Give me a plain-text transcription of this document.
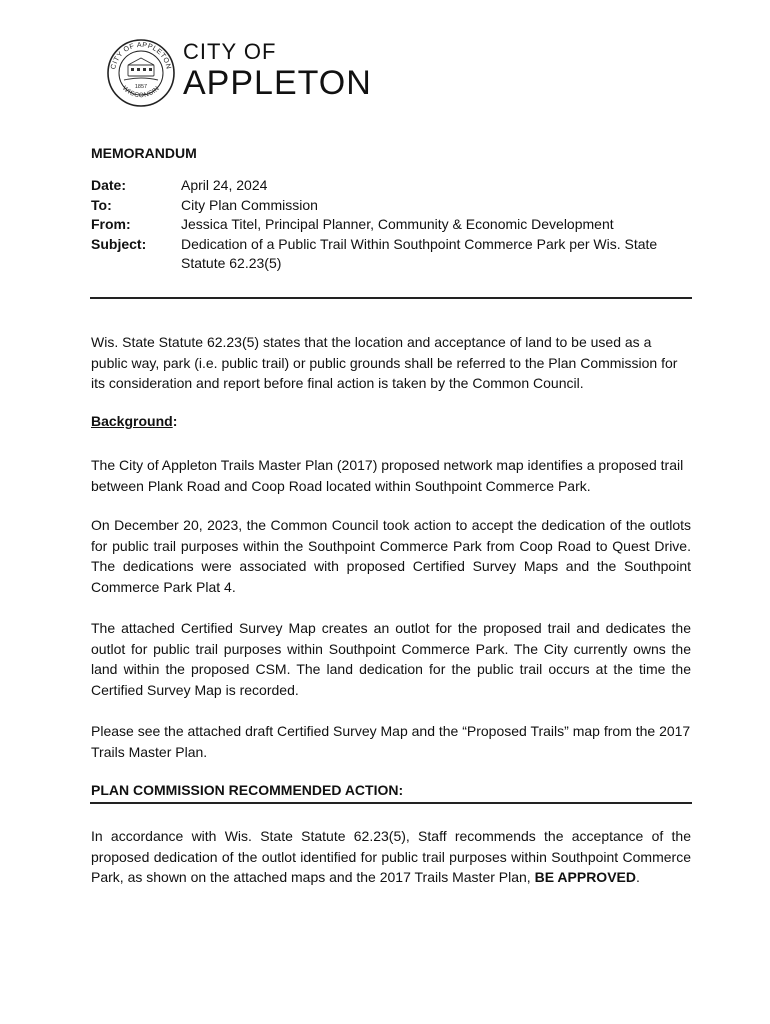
CITY OF APPLETON
WISCONSIN
1857
CITY OF
APPLETON
MEMORANDUM
Date:	April 24, 2024
To:	City Plan Commission
From:	Jessica Titel, Principal Planner, Community & Economic Development
Subject:	Dedication of a Public Trail Within Southpoint Commerce Park per Wis. State Statute 62.23(5)

Wis. State Statute 62.23(5) states that the location and acceptance of land to be used as a public way, park (i.e. public trail) or public grounds shall be referred to the Plan Commission for its consideration and report before final action is taken by the Common Council.

Background:

The City of Appleton Trails Master Plan (2017) proposed network map identifies a proposed trail between Plank Road and Coop Road located within Southpoint Commerce Park.

On December 20, 2023, the Common Council took action to accept the dedication of the outlots for public trail purposes within the Southpoint Commerce Park from Coop Road to Quest Drive. The dedications were associated with proposed Certified Survey Maps and the Southpoint Commerce Park Plat 4.

The attached Certified Survey Map creates an outlot for the proposed trail and dedicates the outlot for public trail purposes within Southpoint Commerce Park. The City currently owns the land within the proposed CSM. The land dedication for the public trail occurs at the time the Certified Survey Map is recorded.

Please see the attached draft Certified Survey Map and the “Proposed Trails” map from the 2017 Trails Master Plan.

PLAN COMMISSION RECOMMENDED ACTION:

In accordance with Wis. State Statute 62.23(5), Staff recommends the acceptance of the proposed dedication of the outlot identified for public trail purposes within Southpoint Commerce Park, as shown on the attached maps and the 2017 Trails Master Plan, BE APPROVED.
